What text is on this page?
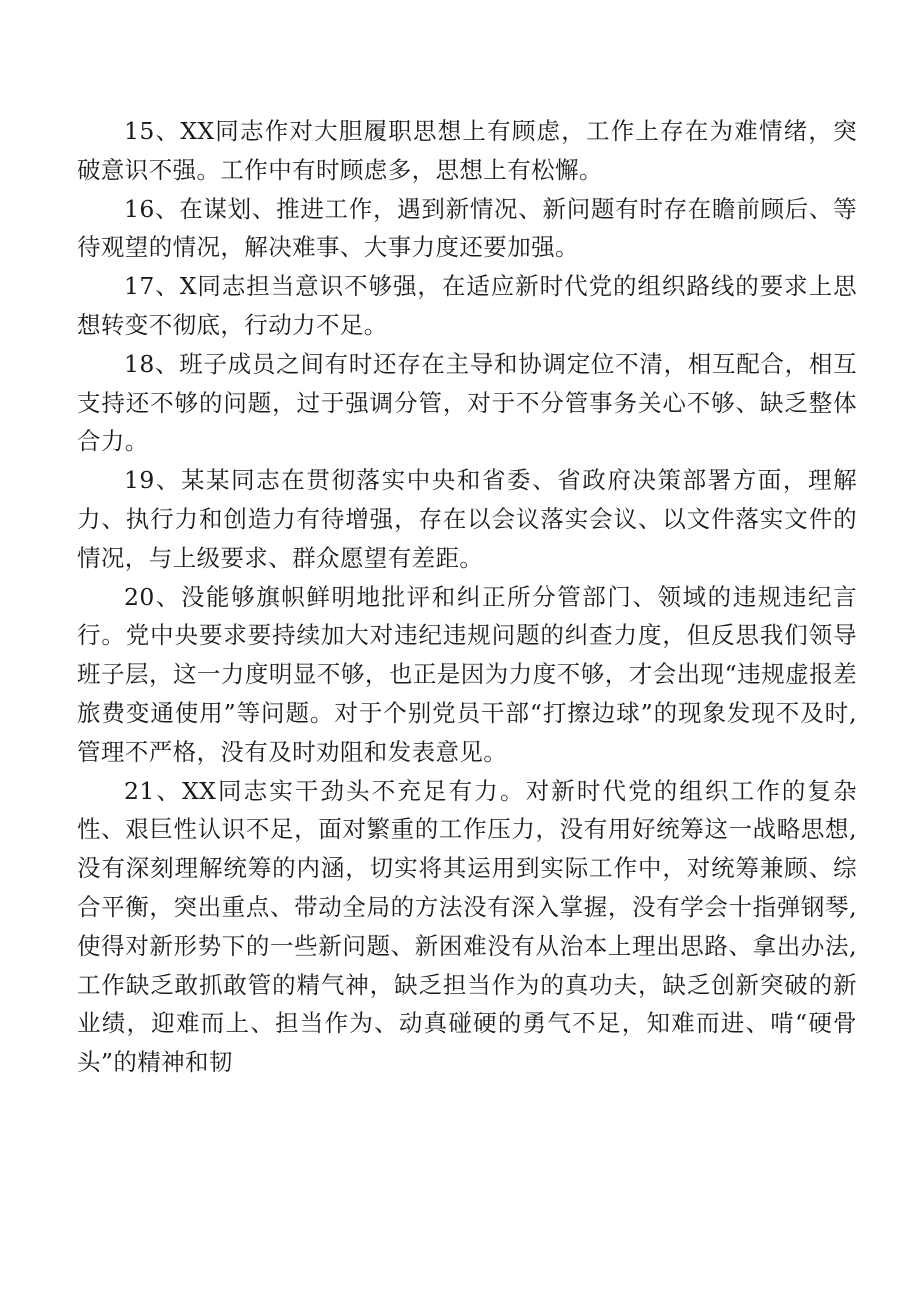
15、XX同志作对大胆履职思想上有顾虑，工作上存在为难情绪，突破意识不强。工作中有时顾虑多，思想上有松懈。

16、在谋划、推进工作，遇到新情况、新问题有时存在瞻前顾后、等待观望的情况，解决难事、大事力度还要加强。

17、X同志担当意识不够强，在适应新时代党的组织路线的要求上思想转变不彻底，行动力不足。

18、班子成员之间有时还存在主导和协调定位不清，相互配合，相互支持还不够的问题，过于强调分管，对于不分管事务关心不够、缺乏整体合力。

19、某某同志在贯彻落实中央和省委、省政府决策部署方面，理解力、执行力和创造力有待增强，存在以会议落实会议、以文件落实文件的情况，与上级要求、群众愿望有差距。

20、没能够旗帜鲜明地批评和纠正所分管部门、领域的违规违纪言行。党中央要求要持续加大对违纪违规问题的纠查力度，但反思我们领导班子层，这一力度明显不够，也正是因为力度不够，才会出现“违规虚报差旅费变通使用”等问题。对于个别党员干部“打擦边球”的现象发现不及时,管理不严格，没有及时劝阻和发表意见。

21、XX同志实干劲头不充足有力。对新时代党的组织工作的复杂性、艰巨性认识不足，面对繁重的工作压力，没有用好统筹这一战略思想,没有深刻理解统筹的内涵，切实将其运用到实际工作中，对统筹兼顾、综合平衡，突出重点、带动全局的方法没有深入掌握，没有学会十指弹钢琴,使得对新形势下的一些新问题、新困难没有从治本上理出思路、拿出办法,工作缺乏敢抓敢管的精气神，缺乏担当作为的真功夫，缺乏创新突破的新业绩，迎难而上、担当作为、动真碰硬的勇气不足，知难而进、啃“硬骨头”的精神和韧
